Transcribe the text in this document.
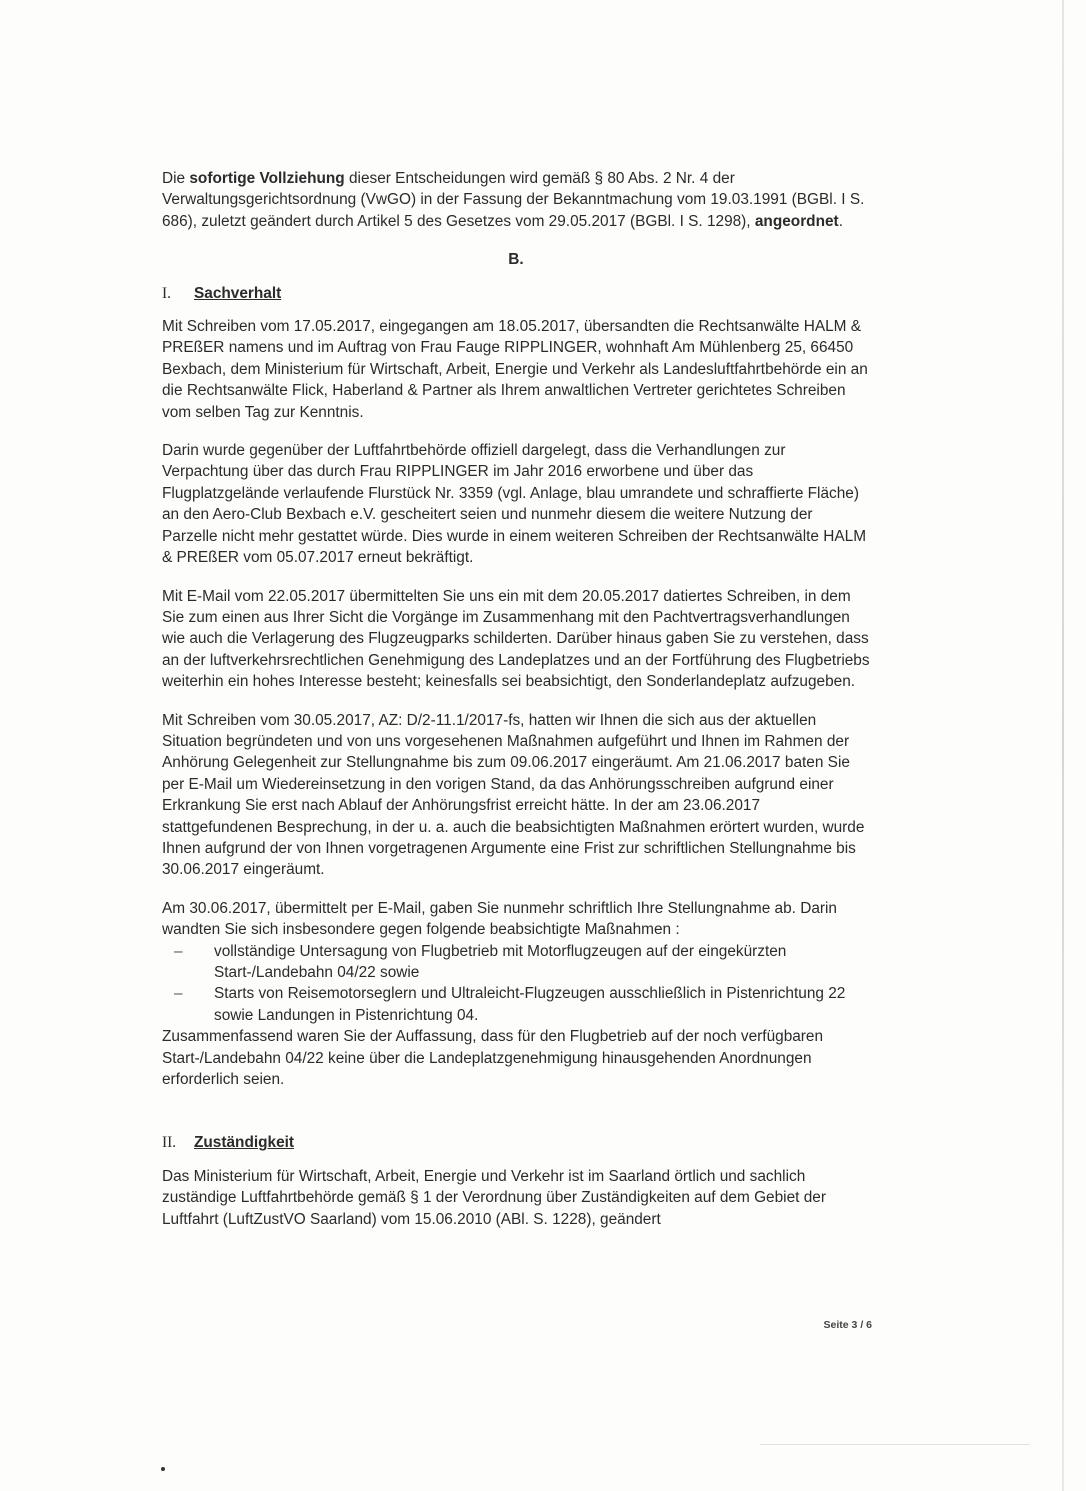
Die sofortige Vollziehung dieser Entscheidungen wird gemäß § 80 Abs. 2 Nr. 4 der Verwaltungsgerichtsordnung (VwGO) in der Fassung der Bekanntmachung vom 19.03.1991 (BGBl. I S. 686), zuletzt geändert durch Artikel 5 des Gesetzes vom 29.05.2017 (BGBl. I S. 1298), angeordnet.

B.
I. Sachverhalt

Mit Schreiben vom 17.05.2017, eingegangen am 18.05.2017, übersandten die Rechtsanwälte HALM & PREßER namens und im Auftrag von Frau Fauge RIPPLINGER, wohnhaft Am Mühlenberg 25, 66450 Bexbach, dem Ministerium für Wirtschaft, Arbeit, Energie und Verkehr als Landesluftfahrtbehörde ein an die Rechtsanwälte Flick, Haberland & Partner als Ihrem anwaltlichen Vertreter gerichtetes Schreiben vom selben Tag zur Kenntnis.

Darin wurde gegenüber der Luftfahrtbehörde offiziell dargelegt, dass die Verhandlungen zur Verpachtung über das durch Frau RIPPLINGER im Jahr 2016 erworbene und über das Flugplatzgelände verlaufende Flurstück Nr. 3359 (vgl. Anlage, blau umrandete und schraffierte Fläche) an den Aero-Club Bexbach e.V. gescheitert seien und nunmehr diesem die weitere Nutzung der Parzelle nicht mehr gestattet würde. Dies wurde in einem weiteren Schreiben der Rechtsanwälte HALM & PREßER vom 05.07.2017 erneut bekräftigt.

Mit E-Mail vom 22.05.2017 übermittelten Sie uns ein mit dem 20.05.2017 datiertes Schreiben, in dem Sie zum einen aus Ihrer Sicht die Vorgänge im Zusammenhang mit den Pachtvertragsverhandlungen wie auch die Verlagerung des Flugzeugparks schilderten. Darüber hinaus gaben Sie zu verstehen, dass an der luftverkehrsrechtlichen Genehmigung des Landeplatzes und an der Fortführung des Flugbetriebs weiterhin ein hohes Interesse besteht; keinesfalls sei beabsichtigt, den Sonderlandeplatz aufzugeben.

Mit Schreiben vom 30.05.2017, AZ: D/2-11.1/2017-fs, hatten wir Ihnen die sich aus der aktuellen Situation begründeten und von uns vorgesehenen Maßnahmen aufgeführt und Ihnen im Rahmen der Anhörung Gelegenheit zur Stellungnahme bis zum 09.06.2017 eingeräumt. Am 21.06.2017 baten Sie per E-Mail um Wiedereinsetzung in den vorigen Stand, da das Anhörungsschreiben aufgrund einer Erkrankung Sie erst nach Ablauf der Anhörungsfrist erreicht hätte. In der am 23.06.2017 stattgefundenen Besprechung, in der u. a. auch die beabsichtigten Maßnahmen erörtert wurden, wurde Ihnen aufgrund der von Ihnen vorgetragenen Argumente eine Frist zur schriftlichen Stellungnahme bis 30.06.2017 eingeräumt.

Am 30.06.2017, übermittelt per E-Mail, gaben Sie nunmehr schriftlich Ihre Stellungnahme ab. Darin wandten Sie sich insbesondere gegen folgende beabsichtigte Maßnahmen :

– vollständige Untersagung von Flugbetrieb mit Motorflugzeugen auf der eingekürzten Start-/Landebahn 04/22 sowie
– Starts von Reisemotorseglern und Ultraleicht-Flugzeugen ausschließlich in Pistenrichtung 22 sowie Landungen in Pistenrichtung 04.

Zusammenfassend waren Sie der Auffassung, dass für den Flugbetrieb auf der noch verfügbaren Start-/Landebahn 04/22 keine über die Landeplatzgenehmigung hinausgehenden Anordnungen erforderlich seien.

II. Zuständigkeit

Das Ministerium für Wirtschaft, Arbeit, Energie und Verkehr ist im Saarland örtlich und sachlich zuständige Luftfahrtbehörde gemäß § 1 der Verordnung über Zuständigkeiten auf dem Gebiet der Luftfahrt (LuftZustVO Saarland) vom 15.06.2010 (ABl. S. 1228), geändert

Seite 3 / 6
